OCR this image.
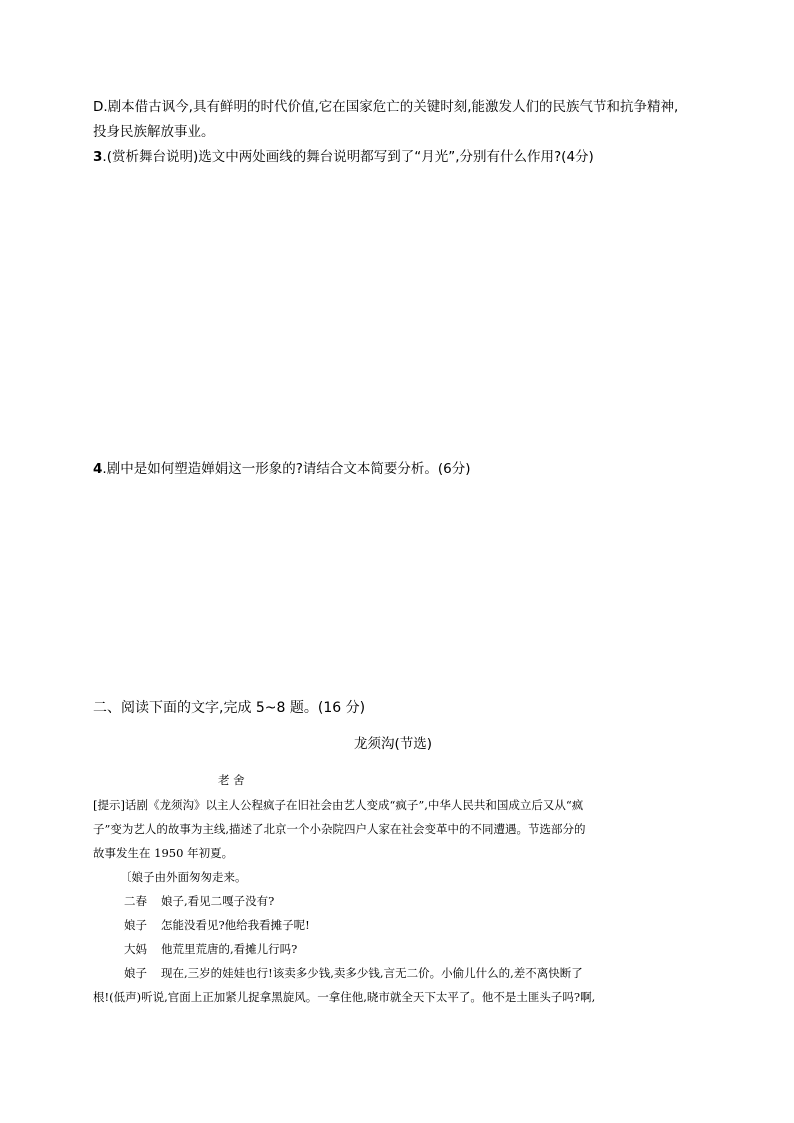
D.剧本借古讽今,具有鲜明的时代价值,它在国家危亡的关键时刻,能激发人们的民族气节和抗争精神,
投身民族解放事业。
3.(赏析舞台说明)选文中两处画线的舞台说明都写到了“月光”,分别有什么作用?(4分)
4.剧中是如何塑造婵娟这一形象的?请结合文本简要分析。(6分)
二、阅读下面的文字,完成 5~8 题。(16 分)
龙须沟(节选)
老 舍
[提示]话剧《龙须沟》以主人公程疯子在旧社会由艺人变成“疯子”,中华人民共和国成立后又从“疯
子”变为艺人的故事为主线,描述了北京一个小杂院四户人家在社会变革中的不同遭遇。节选部分的
故事发生在 1950 年初夏。
〔娘子由外面匆匆走来。
二春 娘子,看见二嘎子没有?
娘子 怎能没看见?他给我看摊子呢!
大妈 他荒里荒唐的,看摊儿行吗?
娘子 现在,三岁的娃娃也行!该卖多少钱,卖多少钱,言无二价。小偷儿什么的,差不离快断了
根!(低声)听说,官面上正加紧儿捉拿黑旋风。一拿住他,晓市就全天下太平了。他不是土匪头子吗?啊,
